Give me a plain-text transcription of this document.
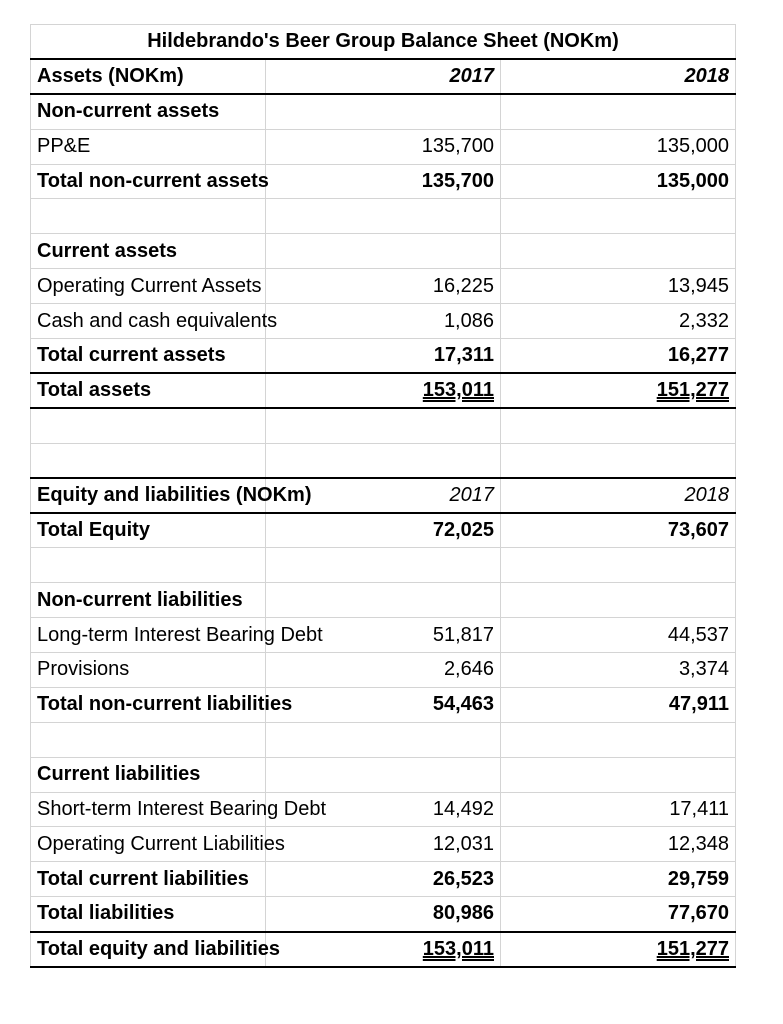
Hildebrando's Beer Group Balance Sheet (NOKm)		
Assets (NOKm)	2017	2018
Non-current assets		
PP&E	135,700	135,000
Total non-current assets	135,700	135,000

Current assets		
Operating Current Assets	16,225	13,945
Cash and cash equivalents	1,086	2,332
Total current assets	17,311	16,277
Total assets	153,011	151,277

Equity and liabilities (NOKm)	2017	2018
Total Equity	72,025	73,607

Non-current liabilities		
Long-term Interest Bearing Debt	51,817	44,537
Provisions	2,646	3,374
Total non-current liabilities	54,463	47,911

Current liabilities		
Short-term Interest Bearing Debt	14,492	17,411
Operating Current Liabilities	12,031	12,348
Total current liabilities	26,523	29,759
Total liabilities	80,986	77,670
Total equity and liabilities	153,011	151,277
